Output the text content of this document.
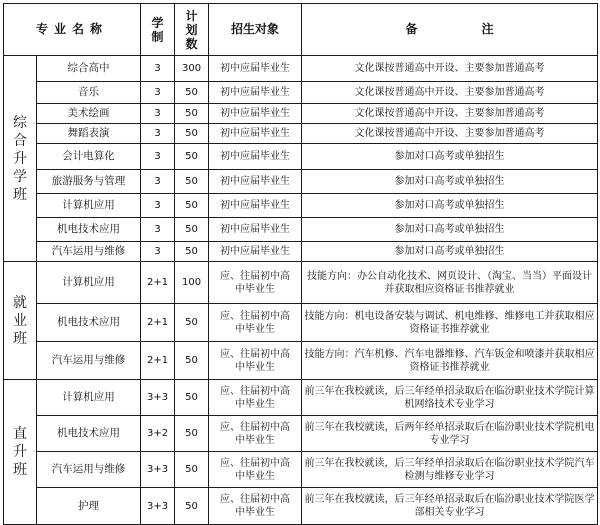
专业名称		学制	计划数	招生对象	备 注
综合升学班	综合高中	3	300	初中应届毕业生	文化课按普通高中开设、主要参加普通高考
	音乐	3	50	初中应届毕业生	文化课按普通高中开设、主要参加普通高考
	美术绘画	3	50	初中应届毕业生	文化课按普通高中开设、主要参加普通高考
	舞蹈表演	3	50	初中应届毕业生	文化课按普通高中开设、主要参加普通高考
	会计电算化	3	50	初中应届毕业生	参加对口高考或单独招生
	旅游服务与管理	3	50	初中应届毕业生	参加对口高考或单独招生
	计算机应用	3	50	初中应届毕业生	参加对口高考或单独招生
	机电技术应用	3	50	初中应届毕业生	参加对口高考或单独招生
	汽车运用与维修	3	50	初中应届毕业生	参加对口高考或单独招生
就业班	计算机应用	2+1	100	应、往届初中高中毕业生	技能方向：办公自动化技术、网页设计、（淘宝、当当）平面设计并获取相应资格证书推荐就业
	机电技术应用	2+1	50	应、往届初中高中毕业生	技能方向：机电设备安装与调试、机电维修、维修电工并获取相应资格证书推荐就业
	汽车运用与维修	2+1	50	应、往届初中高中毕业生	技能方向：汽车机修、汽车电器维修、汽车钣金和喷漆并获取相应资格证书推荐就业
直升班	计算机应用	3+3	50	应、往届初中高中毕业生	前三年在我校就读，后三年经单招录取后在临汾职业技术学院计算机网络技术专业学习
	机电技术应用	3+2	50	应、往届初中高中毕业生	前三年在我校就读，后两年经单招录取后在临汾职业技术学院机电专业学习
	汽车运用与维修	3+3	50	应、往届初中高中毕业生	前三年在我校就读，后三年经单招录取后在临汾职业技术学院汽车检测与维修专业学习
	护理	3+3	50	应、往届初中高中毕业生	前三年在我校就读，后三年经单招录取后在临汾职业技术学院医学部相关专业学习
